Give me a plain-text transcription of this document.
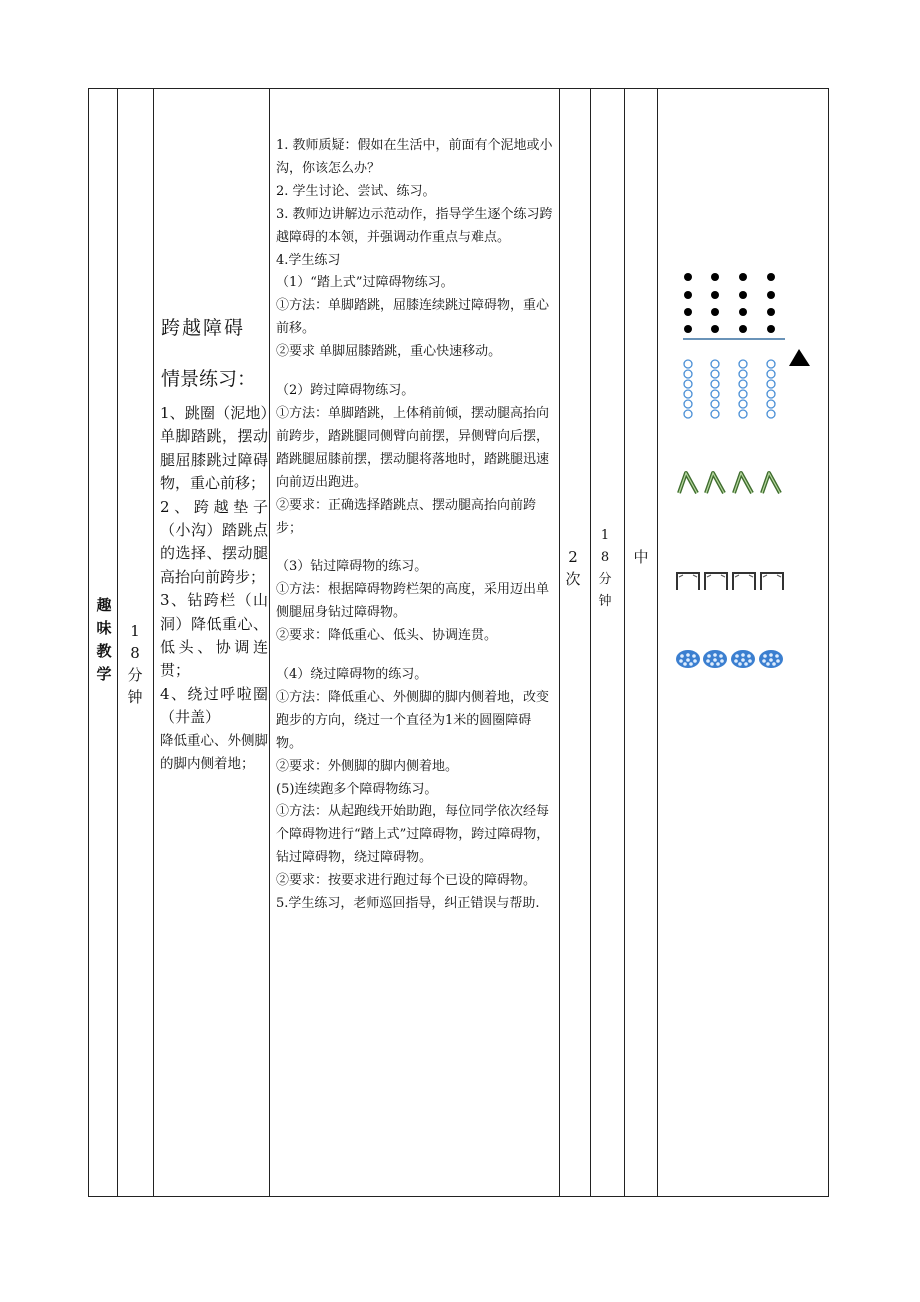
趣味教学
18分钟
跨越障碍
情景练习：
1、跳圈（泥地）单脚踏跳，摆动腿屈膝跳过障碍物，重心前移；
2、跨越垫子（小沟）踏跳点的选择、摆动腿高抬向前跨步；
3、钻跨栏（山洞）降低重心、低头、协调连贯；
4、绕过呼啦圈（井盖）
降低重心、外侧脚的脚内侧着地；
1. 教师质疑：假如在生活中，前面有个泥地或小沟，你该怎么办？
2. 学生讨论、尝试、练习。
3. 教师边讲解边示范动作，指导学生逐个练习跨越障碍的本领，并强调动作重点与难点。
4.学生练习
（1）“踏上式”过障碍物练习。
①方法：单脚踏跳，屈膝连续跳过障碍物，重心前移。
②要求 单脚屈膝踏跳，重心快速移动。
（2）跨过障碍物练习。
①方法：单脚踏跳，上体稍前倾，摆动腿高抬向前跨步，踏跳腿同侧臂向前摆，异侧臂向后摆，踏跳腿屈膝前摆，摆动腿将落地时，踏跳腿迅速向前迈出跑进。
②要求：正确选择踏跳点、摆动腿高抬向前跨步；
（3）钻过障碍物的练习。
①方法：根据障碍物跨栏架的高度，采用迈出单侧腿屈身钻过障碍物。
②要求：降低重心、低头、协调连贯。
（4）绕过障碍物的练习。
①方法：降低重心、外侧脚的脚内侧着地，改变跑步的方向，绕过一个直径为1米的圆圈障碍物。
②要求：外侧脚的脚内侧着地。
(5)连续跑多个障碍物练习。
①方法：从起跑线开始助跑，每位同学依次经每个障碍物进行“踏上式”过障碍物，跨过障碍物，钻过障碍物，绕过障碍物。
②要求：按要求进行跑过每个已设的障碍物。
5.学生练习，老师巡回指导，纠正错误与帮助.
2次
18分钟
中
